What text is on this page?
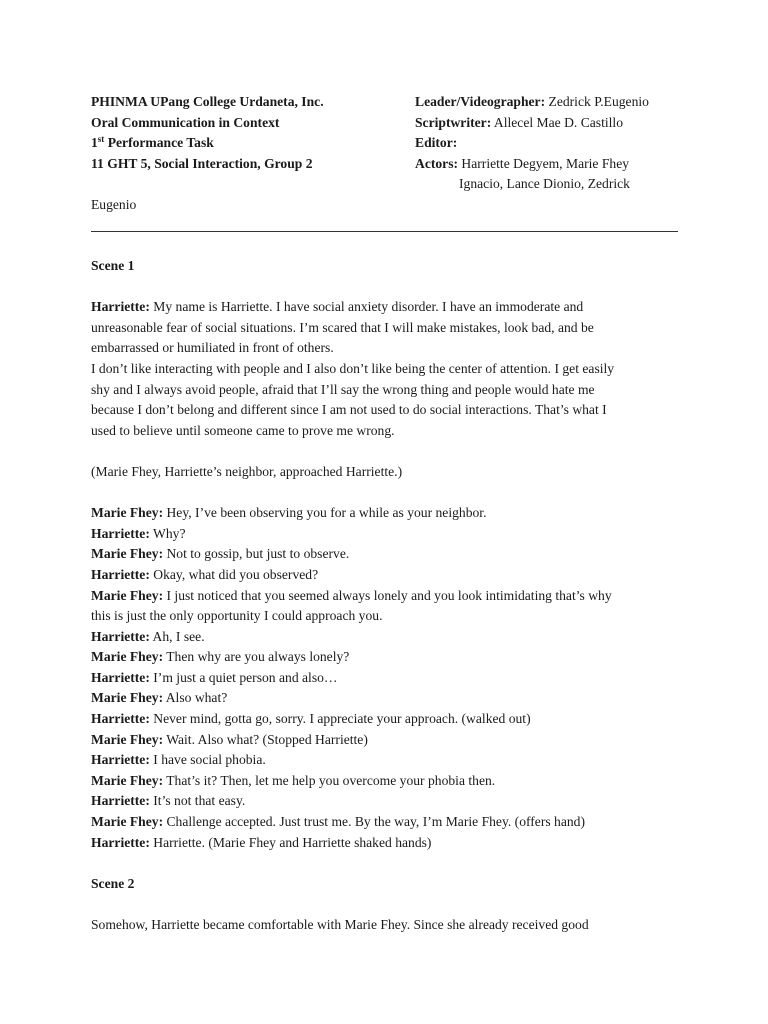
PHINMA UPang College Urdaneta, Inc.
Oral Communication in Context
1st Performance Task
11 GHT 5, Social Interaction, Group 2
Leader/Videographer: Zedrick P.Eugenio
Scriptwriter: Allecel Mae D. Castillo
Editor:
Actors: Harriette Degyem, Marie Fhey
Ignacio, Lance Dionio, Zedrick
Eugenio

Scene 1

Harriette: My name is Harriette. I have social anxiety disorder. I have an immoderate and

unreasonable fear of social situations. I’m scared that I will make mistakes, look bad, and be

embarrassed or humiliated in front of others.

I don’t like interacting with people and I also don’t like being the center of attention. I get easily

shy and I always avoid people, afraid that I’ll say the wrong thing and people would hate me

because I don’t belong and different since I am not used to do social interactions. That’s what I

used to believe until someone came to prove me wrong.

(Marie Fhey, Harriette’s neighbor, approached Harriette.)

Marie Fhey: Hey, I’ve been observing you for a while as your neighbor.

Harriette: Why?

Marie Fhey: Not to gossip, but just to observe.

Harriette: Okay, what did you observed?

Marie Fhey: I just noticed that you seemed always lonely and you look intimidating that’s why

this is just the only opportunity I could approach you.

Harriette: Ah, I see.

Marie Fhey: Then why are you always lonely?

Harriette: I’m just a quiet person and also…

Marie Fhey: Also what?

Harriette: Never mind, gotta go, sorry. I appreciate your approach. (walked out)

Marie Fhey: Wait. Also what? (Stopped Harriette)

Harriette: I have social phobia.

Marie Fhey: That’s it? Then, let me help you overcome your phobia then.

Harriette: It’s not that easy.

Marie Fhey: Challenge accepted. Just trust me. By the way, I’m Marie Fhey. (offers hand)

Harriette: Harriette. (Marie Fhey and Harriette shaked hands)

Scene 2

Somehow, Harriette became comfortable with Marie Fhey. Since she already received good
